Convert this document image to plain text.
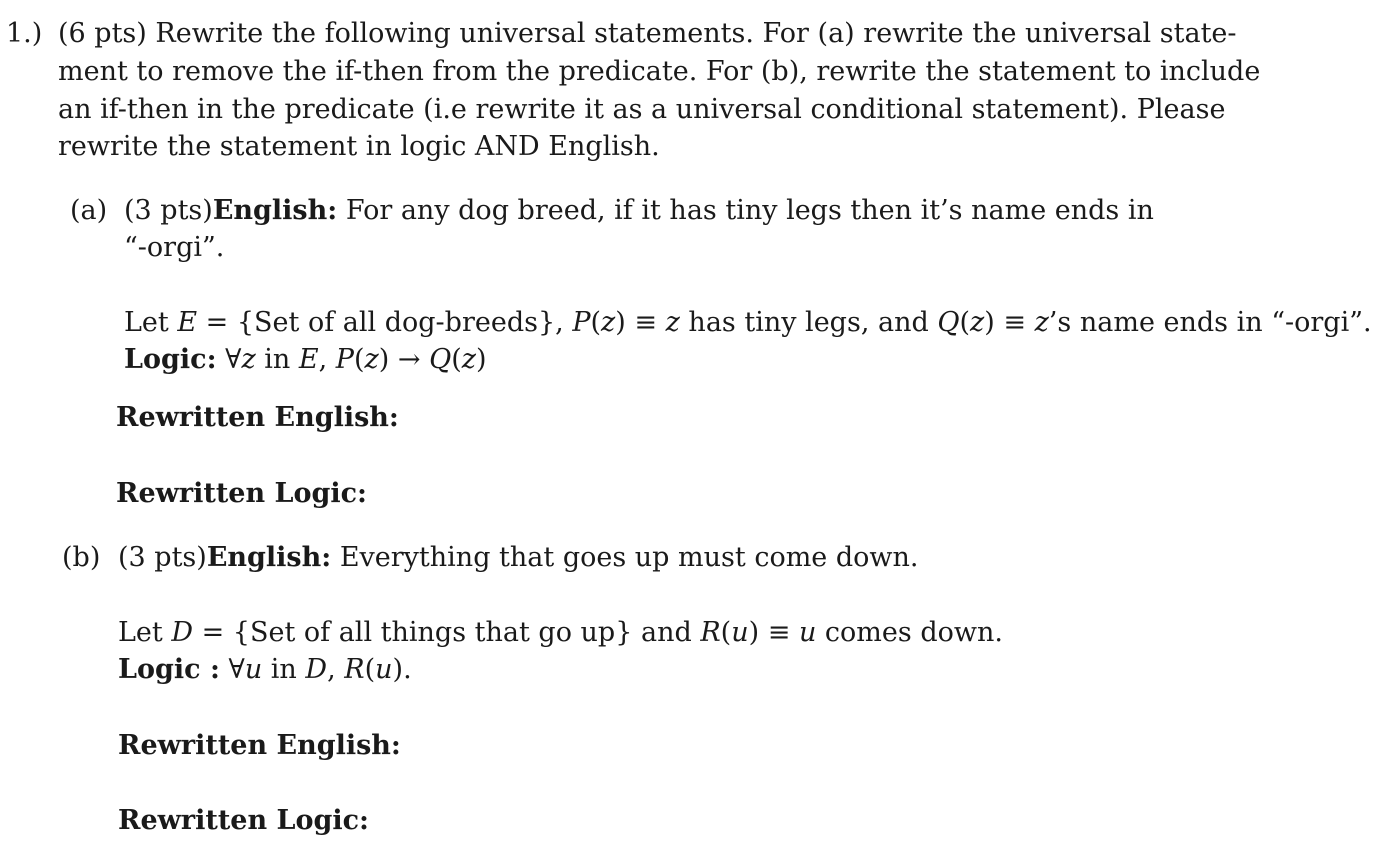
1.) (6 pts) Rewrite the following universal statements. For (a) rewrite the universal state-
ment to remove the if-then from the predicate. For (b), rewrite the statement to include
an if-then in the predicate (i.e rewrite it as a universal conditional statement). Please
rewrite the statement in logic AND English.
(a) (3 pts)English: For any dog breed, if it has tiny legs then it’s name ends in
“-orgi”.
Let E = {Set of all dog-breeds}, P(z) ≡ z has tiny legs, and Q(z) ≡ z’s name ends in “-orgi”.
Logic: ∀z in E, P(z) → Q(z)
Rewritten English:
Rewritten Logic:
(b) (3 pts)English: Everything that goes up must come down.
Let D = {Set of all things that go up} and R(u) ≡ u comes down.
Logic : ∀u in D, R(u).
Rewritten English:
Rewritten Logic:
